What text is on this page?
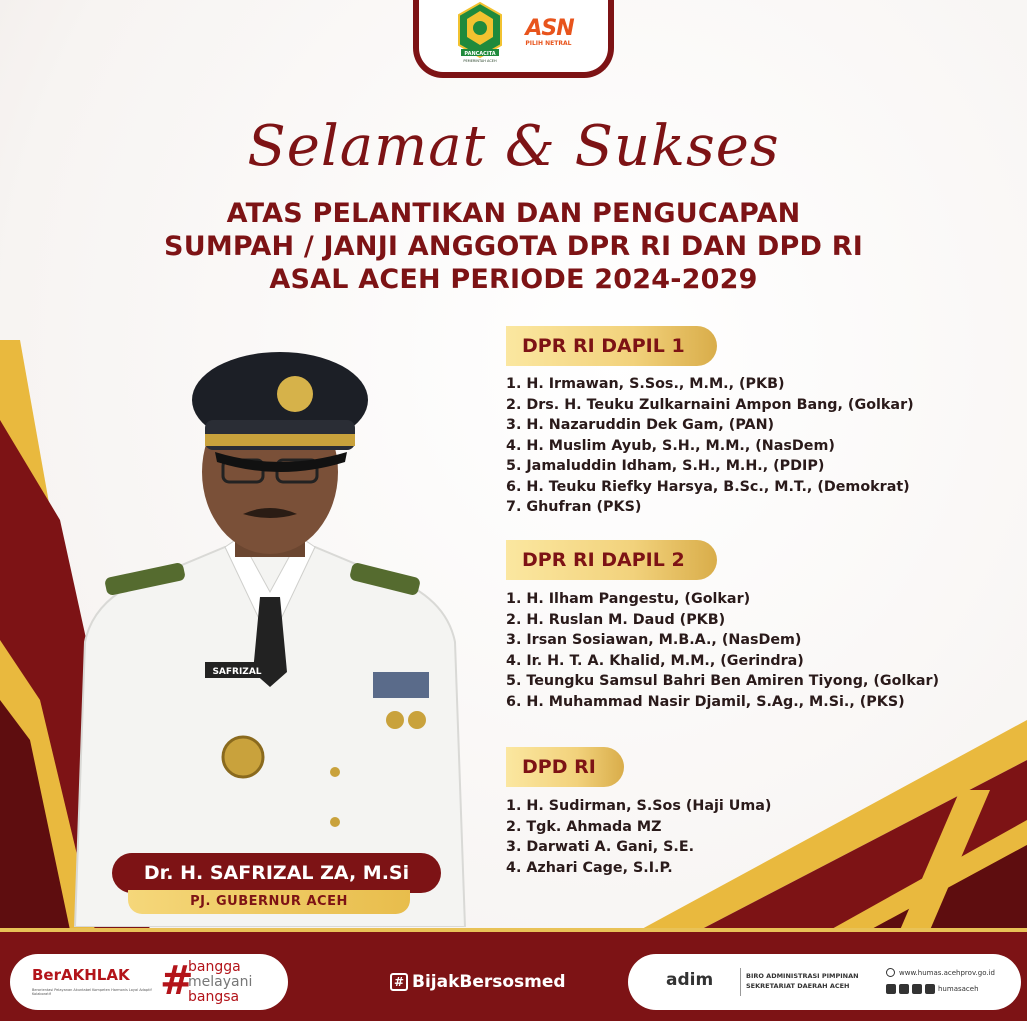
PANCACITA
PEMERINTAH ACEH
ASN
PILIH NETRAL
Selamat & Sukses
ATAS PELANTIKAN DAN PENGUCAPAN
SUMPAH / JANJI ANGGOTA DPR RI DAN DPD RI
ASAL ACEH PERIODE 2024-2029
DPR RI DAPIL 1
1. H. Irmawan, S.Sos., M.M., (PKB)
2. Drs. H. Teuku Zulkarnaini Ampon Bang, (Golkar)
3. H. Nazaruddin Dek Gam, (PAN)
4. H. Muslim Ayub, S.H., M.M., (NasDem)
5. Jamaluddin Idham, S.H., M.H., (PDIP)
6. H. Teuku Riefky Harsya, B.Sc., M.T., (Demokrat)
7. Ghufran (PKS)
DPR RI DAPIL 2
1. H. Ilham Pangestu, (Golkar)
2. H. Ruslan M. Daud (PKB)
3. Irsan Sosiawan, M.B.A., (NasDem)
4. Ir. H. T. A. Khalid, M.M., (Gerindra)
5. Teungku Samsul Bahri Ben Amiren Tiyong, (Golkar)
6. H. Muhammad Nasir Djamil, S.Ag., M.Si., (PKS)
DPD RI
1. H. Sudirman, S.Sos (Haji Uma)
2. Tgk. Ahmada MZ
3. Darwati A. Gani, S.E.
4. Azhari Cage, S.I.P.
SAFRIZAL
Dr. H. SAFRIZAL ZA, M.Si
PJ. GUBERNUR ACEH
BerAKHLAK
Berorientasi Pelayanan Akuntabel Kompeten Harmonis Loyal Adaptif Kolaboratif	#
bangga
melayani
bangsa
# BijakBersosmed	adim	BIRO ADMINISTRASI PIMPINAN
SEKRETARIAT DAERAH ACEH
www.humas.acehprov.go.id
humasaceh
